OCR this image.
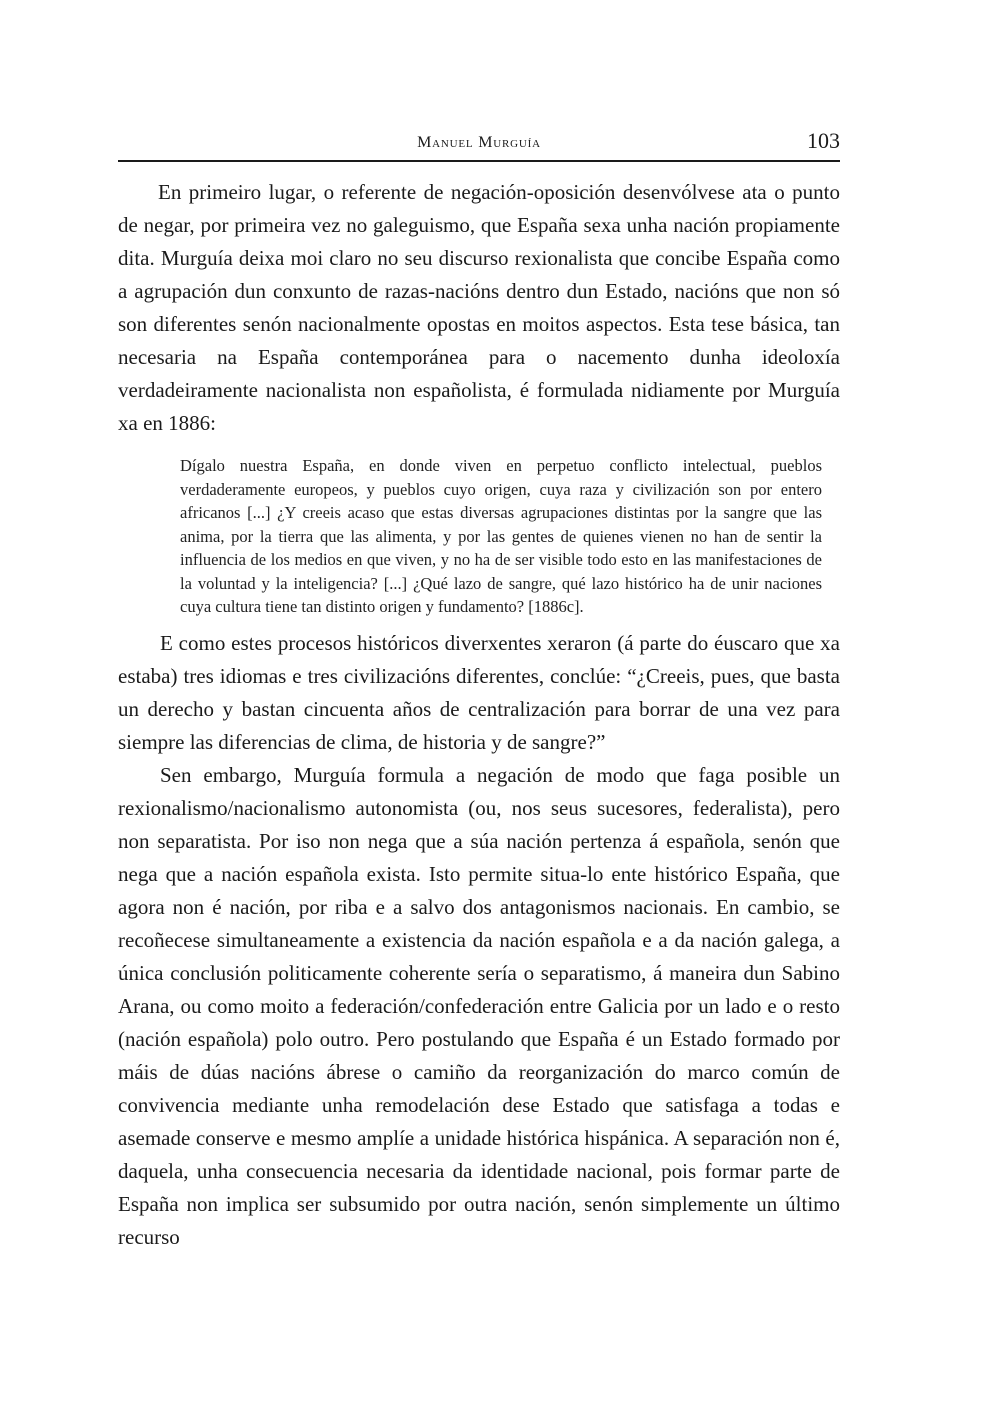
Manuel Murguía	103

En primeiro lugar, o referente de negación-oposición desenvólvese ata o punto de negar, por primeira vez no galeguismo, que España sexa unha nación propiamente dita. Murguía deixa moi claro no seu discurso rexionalista que concibe España como a agrupación dun conxunto de razas-nacións dentro dun Estado, nacións que non só son diferentes senón nacionalmente opostas en moitos aspectos. Esta tese básica, tan necesaria na España contemporánea para o nacemento dunha ideoloxía verdadeiramente nacionalista non españolista, é formulada nidiamente por Murguía xa en 1886:

Dígalo nuestra España, en donde viven en perpetuo conflicto intelectual, pueblos verdaderamente europeos, y pueblos cuyo origen, cuya raza y civilización son por entero africanos [...] ¿Y creeis acaso que estas diversas agrupaciones distintas por la sangre que las anima, por la tierra que las alimenta, y por las gentes de quienes vienen no han de sentir la influencia de los medios en que viven, y no ha de ser visible todo esto en las manifestaciones de la voluntad y la inteligencia? [...] ¿Qué lazo de sangre, qué lazo histórico ha de unir naciones cuya cultura tiene tan distinto origen y fundamento? [1886c].

E como estes procesos históricos diverxentes xeraron (á parte do éuscaro que xa estaba) tres idiomas e tres civilizacións diferentes, conclúe: “¿Creeis, pues, que basta un derecho y bastan cincuenta años de centralización para borrar de una vez para siempre las diferencias de clima, de historia y de sangre?”

Sen embargo, Murguía formula a negación de modo que faga posible un rexionalismo/nacionalismo autonomista (ou, nos seus sucesores, federalista), pero non separatista. Por iso non nega que a súa nación pertenza á española, senón que nega que a nación española exista. Isto permite situa-lo ente histórico España, que agora non é nación, por riba e a salvo dos antagonismos nacionais. En cambio, se recoñecese simultaneamente a existencia da nación española e a da nación galega, a única conclusión politicamente coherente sería o separatismo, á maneira dun Sabino Arana, ou como moito a federación/confederación entre Galicia por un lado e o resto (nación española) polo outro. Pero postulando que España é un Estado formado por máis de dúas nacións ábrese o camiño da reorganización do marco común de convivencia mediante unha remodelación dese Estado que satisfaga a todas e asemade conserve e mesmo amplíe a unidade histórica hispánica. A separación non é, daquela, unha consecuencia necesaria da identidade nacional, pois formar parte de España non implica ser subsumido por outra nación, senón simplemente un último recurso
